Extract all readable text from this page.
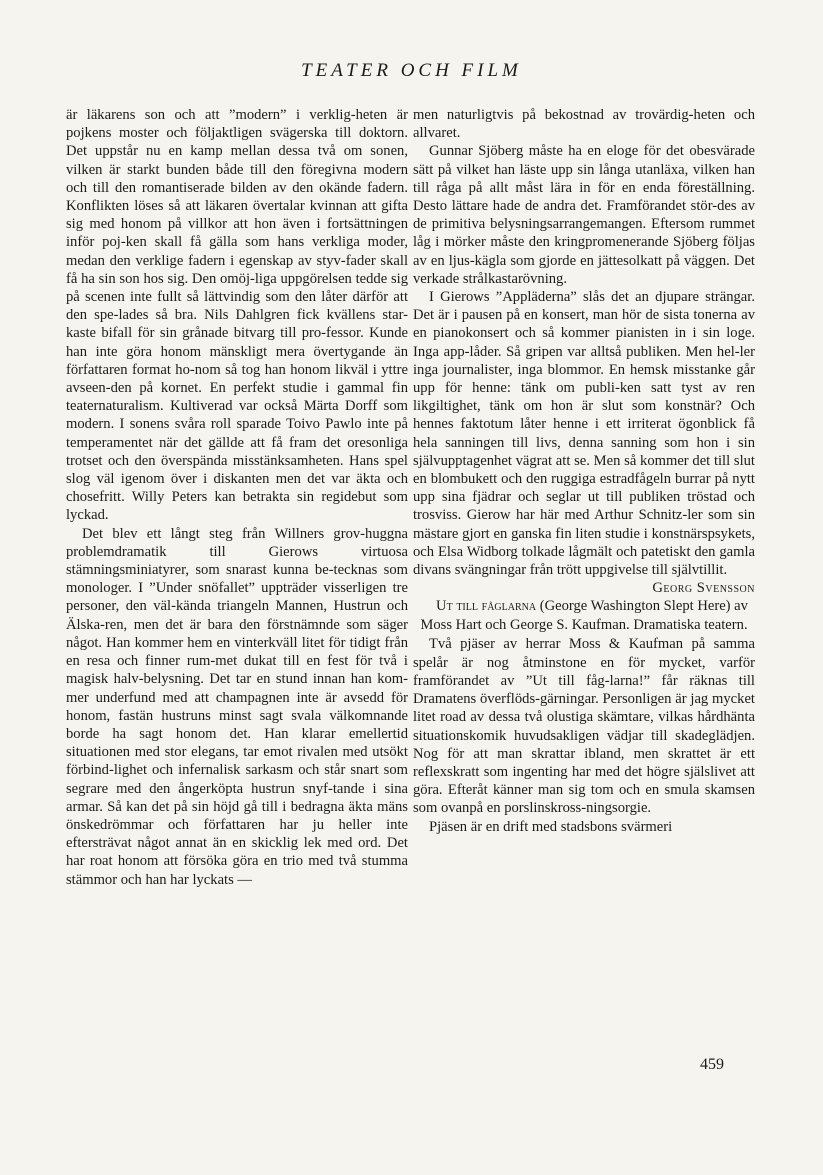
TEATER OCH FILM

är läkarens son och att ”modern” i verklig-heten är pojkens moster och följaktligen svägerska till doktorn. Det uppstår nu en kamp mellan dessa två om sonen, vilken är starkt bunden både till den föregivna modern och till den romantiserade bilden av den okände fadern. Konflikten löses så att läkaren övertalar kvinnan att gifta sig med honom på villkor att hon även i fortsättningen inför poj-ken skall få gälla som hans verkliga moder, medan den verklige fadern i egenskap av styv-fader skall få ha sin son hos sig. Den omöj-liga uppgörelsen tedde sig på scenen inte fullt så lättvindig som den låter därför att den spe-lades så bra. Nils Dahlgren fick kvällens star-kaste bifall för sin grånade bitvarg till pro-fessor. Kunde han inte göra honom mänskligt mera övertygande än författaren format ho-nom så tog han honom likväl i yttre avseen-den på kornet. En perfekt studie i gammal fin teaternaturalism. Kultiverad var också Märta Dorff som modern. I sonens svåra roll sparade Toivo Pawlo inte på temperamentet när det gällde att få fram det oresonliga trotset och den överspända misstänksamheten. Hans spel slog väl igenom över i diskanten men det var äkta och chosefritt. Willy Peters kan betrakta sin regidebut som lyckad.

Det blev ett långt steg från Willners grov-huggna problemdramatik till Gierows virtuosa stämningsminiatyrer, som snarast kunna be-tecknas som monologer. I ”Under snöfallet” uppträder visserligen tre personer, den väl-kända triangeln Mannen, Hustrun och Älska-ren, men det är bara den förstnämnde som säger något. Han kommer hem en vinterkväll litet för tidigt från en resa och finner rum-met dukat till en fest för två i magisk halv-belysning. Det tar en stund innan han kom-mer underfund med att champagnen inte är avsedd för honom, fastän hustruns minst sagt svala välkomnande borde ha sagt honom det. Han klarar emellertid situationen med stor elegans, tar emot rivalen med utsökt förbind-lighet och infernalisk sarkasm och står snart som segrare med den ångerköpta hustrun snyf-tande i sina armar. Så kan det på sin höjd gå till i bedragna äkta mäns önskedrömmar och författaren har ju heller inte eftersträvat något annat än en skicklig lek med ord. Det har roat honom att försöka göra en trio med två stumma stämmor och han har lyckats —

men naturligtvis på bekostnad av trovärdig-heten och allvaret.

Gunnar Sjöberg måste ha en eloge för det obesvärade sätt på vilket han läste upp sin långa utanläxa, vilken han till råga på allt måst lära in för en enda föreställning. Desto lättare hade de andra det. Framförandet stör-des av de primitiva belysningsarrangemangen. Eftersom rummet låg i mörker måste den kringpromenerande Sjöberg följas av en ljus-kägla som gjorde en jättesolkatt på väggen. Det verkade strålkastarövning.

I Gierows ”Appläderna” slås det an djupare strängar. Det är i pausen på en konsert, man hör de sista tonerna av en pianokonsert och så kommer pianisten in i sin loge. Inga app-låder. Så gripen var alltså publiken. Men hel-ler inga journalister, inga blommor. En hemsk misstanke går upp för henne: tänk om publi-ken satt tyst av ren likgiltighet, tänk om hon är slut som konstnär? Och hennes faktotum låter henne i ett irriterat ögonblick få hela sanningen till livs, denna sanning som hon i sin självupptagenhet vägrat att se. Men så kommer det till slut en blombukett och den ruggiga estradfågeln burrar på nytt upp sina fjädrar och seglar ut till publiken tröstad och trosviss. Gierow har här med Arthur Schnitz-ler som sin mästare gjort en ganska fin liten studie i konstnärspsykets, och Elsa Widborg tolkade lågmält och patetiskt den gamla divans svängningar från trött uppgivelse till självtillit.

Georg Svensson

Ut till fåglarna (George Washington Slept Here) av Moss Hart och George S. Kaufman. Dramatiska teatern.

Två pjäser av herrar Moss & Kaufman på samma spelår är nog åtminstone en för mycket, varför framförandet av ”Ut till fåg-larna!” får räknas till Dramatens överflöds-gärningar. Personligen är jag mycket litet road av dessa två olustiga skämtare, vilkas hårdhänta situationskomik huvudsakligen vädjar till skadeglädjen. Nog för att man skrattar ibland, men skrattet är ett reflexskratt som ingenting har med det högre själslivet att göra. Efteråt känner man sig tom och en smula skamsen som ovanpå en porslinskross-ningsorgie.

Pjäsen är en drift med stadsbons svärmeri

459
